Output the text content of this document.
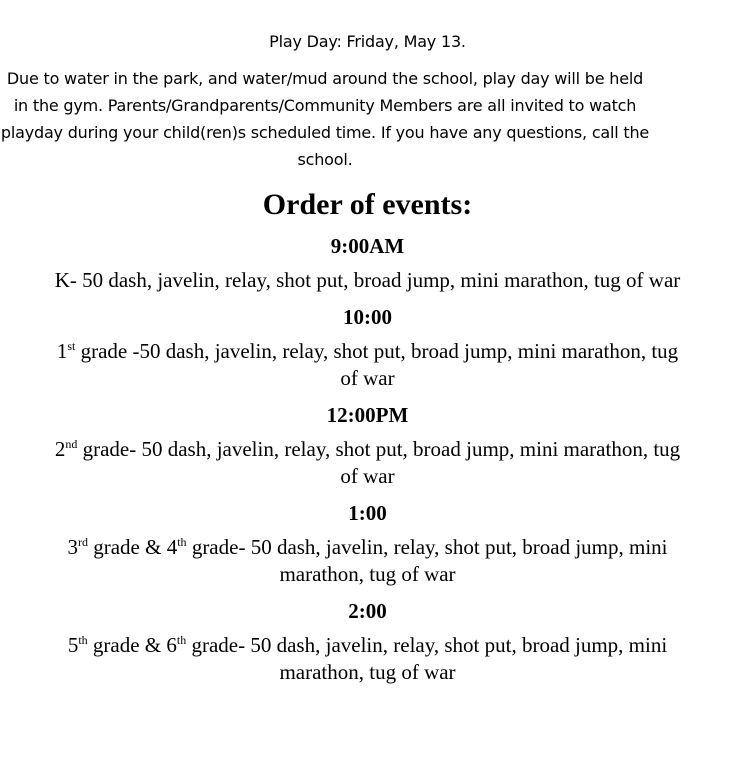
Play Day: Friday, May 13.

Due to water in the park, and water/mud around the school, play day will be held in the gym. Parents/Grandparents/Community Members are all invited to watch playday during your child(ren)s scheduled time. If you have any questions, call the school.

Order of events:
9:00AM
K- 50 dash, javelin, relay, shot put, broad jump, mini marathon, tug of war
10:00
1st grade -50 dash, javelin, relay, shot put, broad jump, mini marathon, tug of war
12:00PM
2nd grade- 50 dash, javelin, relay, shot put, broad jump, mini marathon, tug of war
1:00
3rd grade & 4th grade- 50 dash, javelin, relay, shot put, broad jump, mini marathon, tug of war
2:00
5th grade & 6th grade- 50 dash, javelin, relay, shot put, broad jump, mini marathon, tug of war
